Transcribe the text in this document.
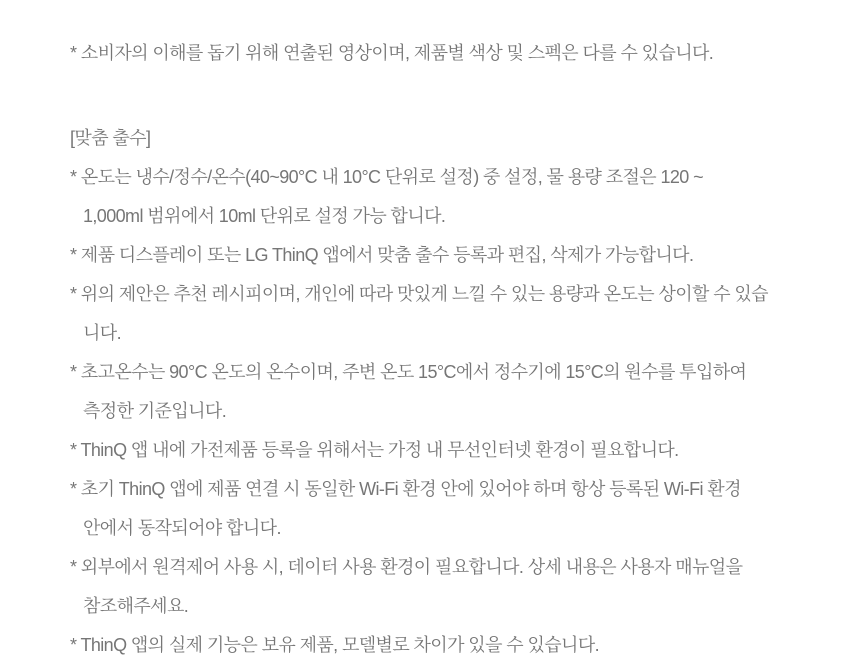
* 소비자의 이해를 돕기 위해 연출된 영상이며, 제품별 색상 및 스펙은 다를 수 있습니다.
[맞춤 출수]
* 온도는 냉수/정수/온수(40~90°C 내 10°C 단위로 설정) 중 설정, 물 용량 조절은 120 ~
1,000ml 범위에서 10ml 단위로 설정 가능 합니다.
* 제품 디스플레이 또는 LG ThinQ 앱에서 맞춤 출수 등록과 편집, 삭제가 가능합니다.
* 위의 제안은 추천 레시피이며, 개인에 따라 맛있게 느낄 수 있는 용량과 온도는 상이할 수 있습
니다.
* 초고온수는 90°C 온도의 온수이며, 주변 온도 15°C에서 정수기에 15°C의 원수를 투입하여
측정한 기준입니다.
* ThinQ 앱 내에 가전제품 등록을 위해서는 가정 내 무선인터넷 환경이 필요합니다.
* 초기 ThinQ 앱에 제품 연결 시 동일한 Wi-Fi 환경 안에 있어야 하며 항상 등록된 Wi-Fi 환경
안에서 동작되어야 합니다.
* 외부에서 원격제어 사용 시, 데이터 사용 환경이 필요합니다. 상세 내용은 사용자 매뉴얼을
참조해주세요.
* ThinQ 앱의 실제 기능은 보유 제품, 모델별로 차이가 있을 수 있습니다.
